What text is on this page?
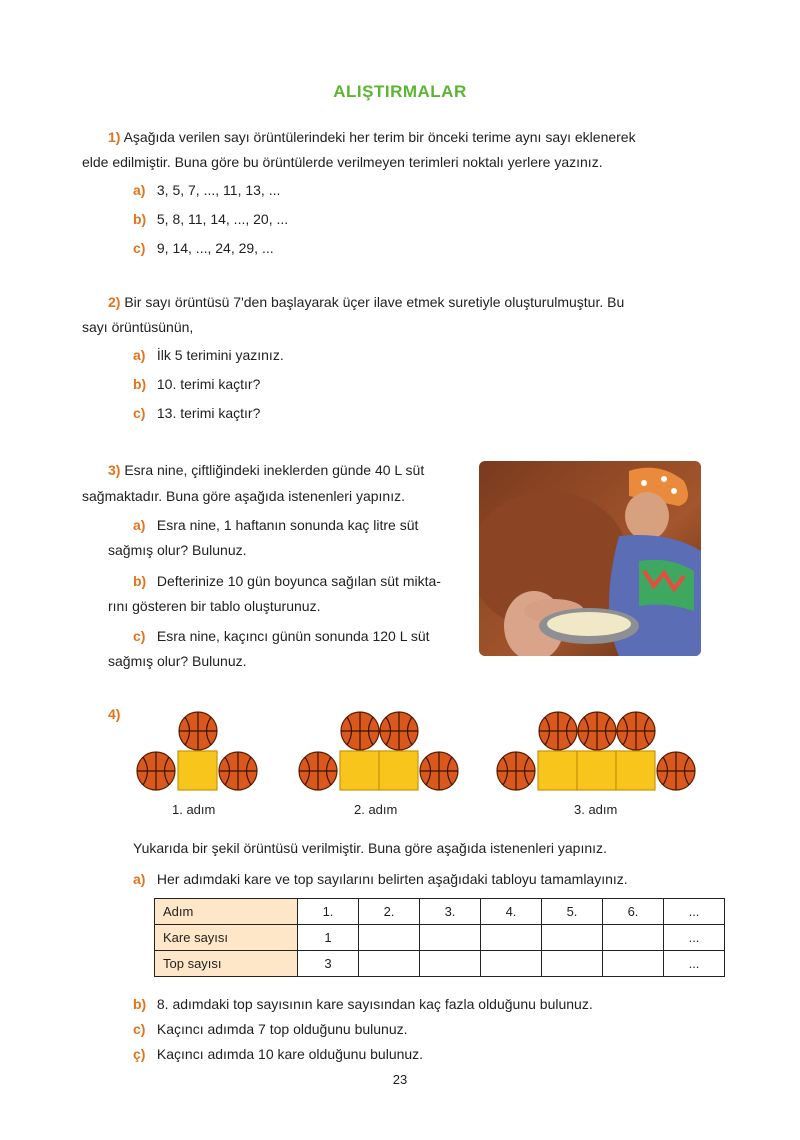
ALIŞTIRMALAR
1) Aşağıda verilen sayı örüntülerindeki her terim bir önceki terime aynı sayı eklenerek
elde edilmiştir. Buna göre bu örüntülerde verilmeyen terimleri noktalı yerlere yazınız.
a) 3, 5, 7, ..., 11, 13, ...
b) 5, 8, 11, 14, ..., 20, ...
c) 9, 14, ..., 24, 29, ...
2) Bir sayı örüntüsü 7'den başlayarak üçer ilave etmek suretiyle oluşturulmuştur. Bu
sayı örüntüsünün,
a) İlk 5 terimini yazınız.
b) 10. terimi kaçtır?
c) 13. terimi kaçtır?
3) Esra nine, çiftliğindeki ineklerden günde 40 L süt
sağmaktadır. Buna göre aşağıda istenenleri yapınız.
a) Esra nine, 1 haftanın sonunda kaç litre süt
sağmış olur? Bulunuz.
b) Defterinize 10 gün boyunca sağılan süt mikta-
rını gösteren bir tablo oluşturunuz.
c) Esra nine, kaçıncı günün sonunda 120 L süt
sağmış olur? Bulunuz.
4)
1. adım	2. adım	3. adım
Yukarıda bir şekil örüntüsü verilmiştir. Buna göre aşağıda istenenleri yapınız.
a) Her adımdaki kare ve top sayılarını belirten aşağıdaki tabloyu tamamlayınız.
Adım	1.	2.	3.	4.	5.	6.	...
Kare sayısı	1						...
Top sayısı	3						...
b) 8. adımdaki top sayısının kare sayısından kaç fazla olduğunu bulunuz.
c) Kaçıncı adımda 7 top olduğunu bulunuz.
ç) Kaçıncı adımda 10 kare olduğunu bulunuz.
23
